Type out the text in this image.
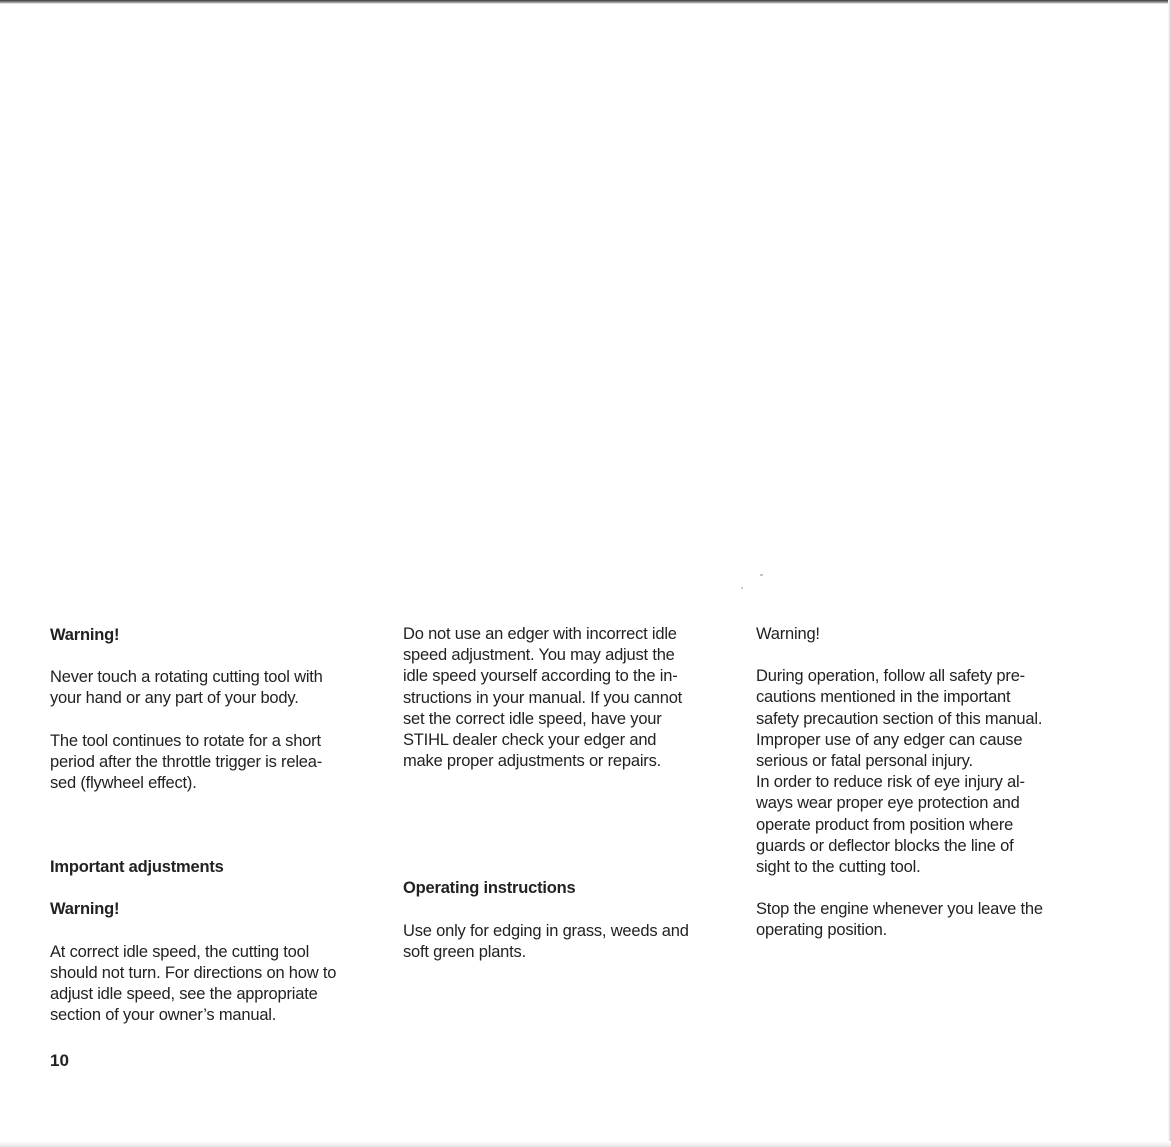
Warning!
Never touch a rotating cutting tool with
your hand or any part of your body.
The tool continues to rotate for a short
period after the throttle trigger is relea-
sed (flywheel effect).
Important adjustments
Warning!
At correct idle speed, the cutting tool
should not turn. For directions on how to
adjust idle speed, see the appropriate
section of your owner’s manual.
Do not use an edger with incorrect idle
speed adjustment. You may adjust the
idle speed yourself according to the in-
structions in your manual. If you cannot
set the correct idle speed, have your
STIHL dealer check your edger and
make proper adjustments or repairs.
Operating instructions
Use only for edging in grass, weeds and
soft green plants.
Warning!
During operation, follow all safety pre-
cautions mentioned in the important
safety precaution section of this manual.
Improper use of any edger can cause
serious or fatal personal injury.
In order to reduce risk of eye injury al-
ways wear proper eye protection and
operate product from position where
guards or deflector blocks the line of
sight to the cutting tool.
Stop the engine whenever you leave the
operating position.
10
